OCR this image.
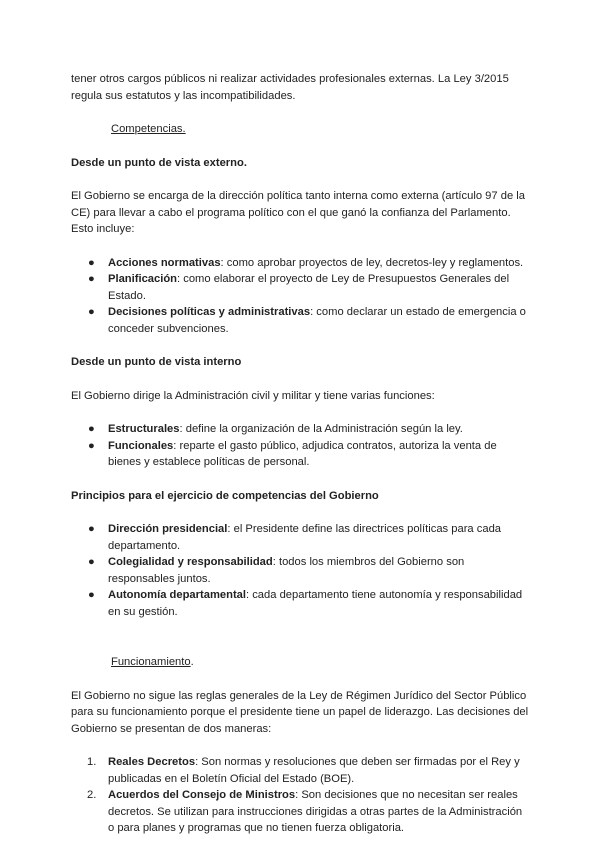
tener otros cargos públicos ni realizar actividades profesionales externas. La Ley 3/2015

regula sus estatutos y las incompatibilidades.

Competencias.

Desde un punto de vista externo.

El Gobierno se encarga de la dirección política tanto interna como externa (artículo 97 de la CE) para llevar a cabo el programa político con el que ganó la confianza del Parlamento. Esto incluye:

● Acciones normativas: como aprobar proyectos de ley, decretos-ley y reglamentos.
● Planificación: como elaborar el proyecto de Ley de Presupuestos Generales del Estado.
● Decisiones políticas y administrativas: como declarar un estado de emergencia o conceder subvenciones.

Desde un punto de vista interno

El Gobierno dirige la Administración civil y militar y tiene varias funciones:

● Estructurales: define la organización de la Administración según la ley.
● Funcionales: reparte el gasto público, adjudica contratos, autoriza la venta de bienes y establece políticas de personal.

Principios para el ejercicio de competencias del Gobierno

● Dirección presidencial: el Presidente define las directrices políticas para cada departamento.
● Colegialidad y responsabilidad: todos los miembros del Gobierno son responsables juntos.
● Autonomía departamental: cada departamento tiene autonomía y responsabilidad en su gestión.

Funcionamiento.

El Gobierno no sigue las reglas generales de la Ley de Régimen Jurídico del Sector Público para su funcionamiento porque el presidente tiene un papel de liderazgo. Las decisiones del Gobierno se presentan de dos maneras:

1. Reales Decretos: Son normas y resoluciones que deben ser firmadas por el Rey y publicadas en el Boletín Oficial del Estado (BOE).
2. Acuerdos del Consejo de Ministros: Son decisiones que no necesitan ser reales decretos. Se utilizan para instrucciones dirigidas a otras partes de la Administración o para planes y programas que no tienen fuerza obligatoria.
